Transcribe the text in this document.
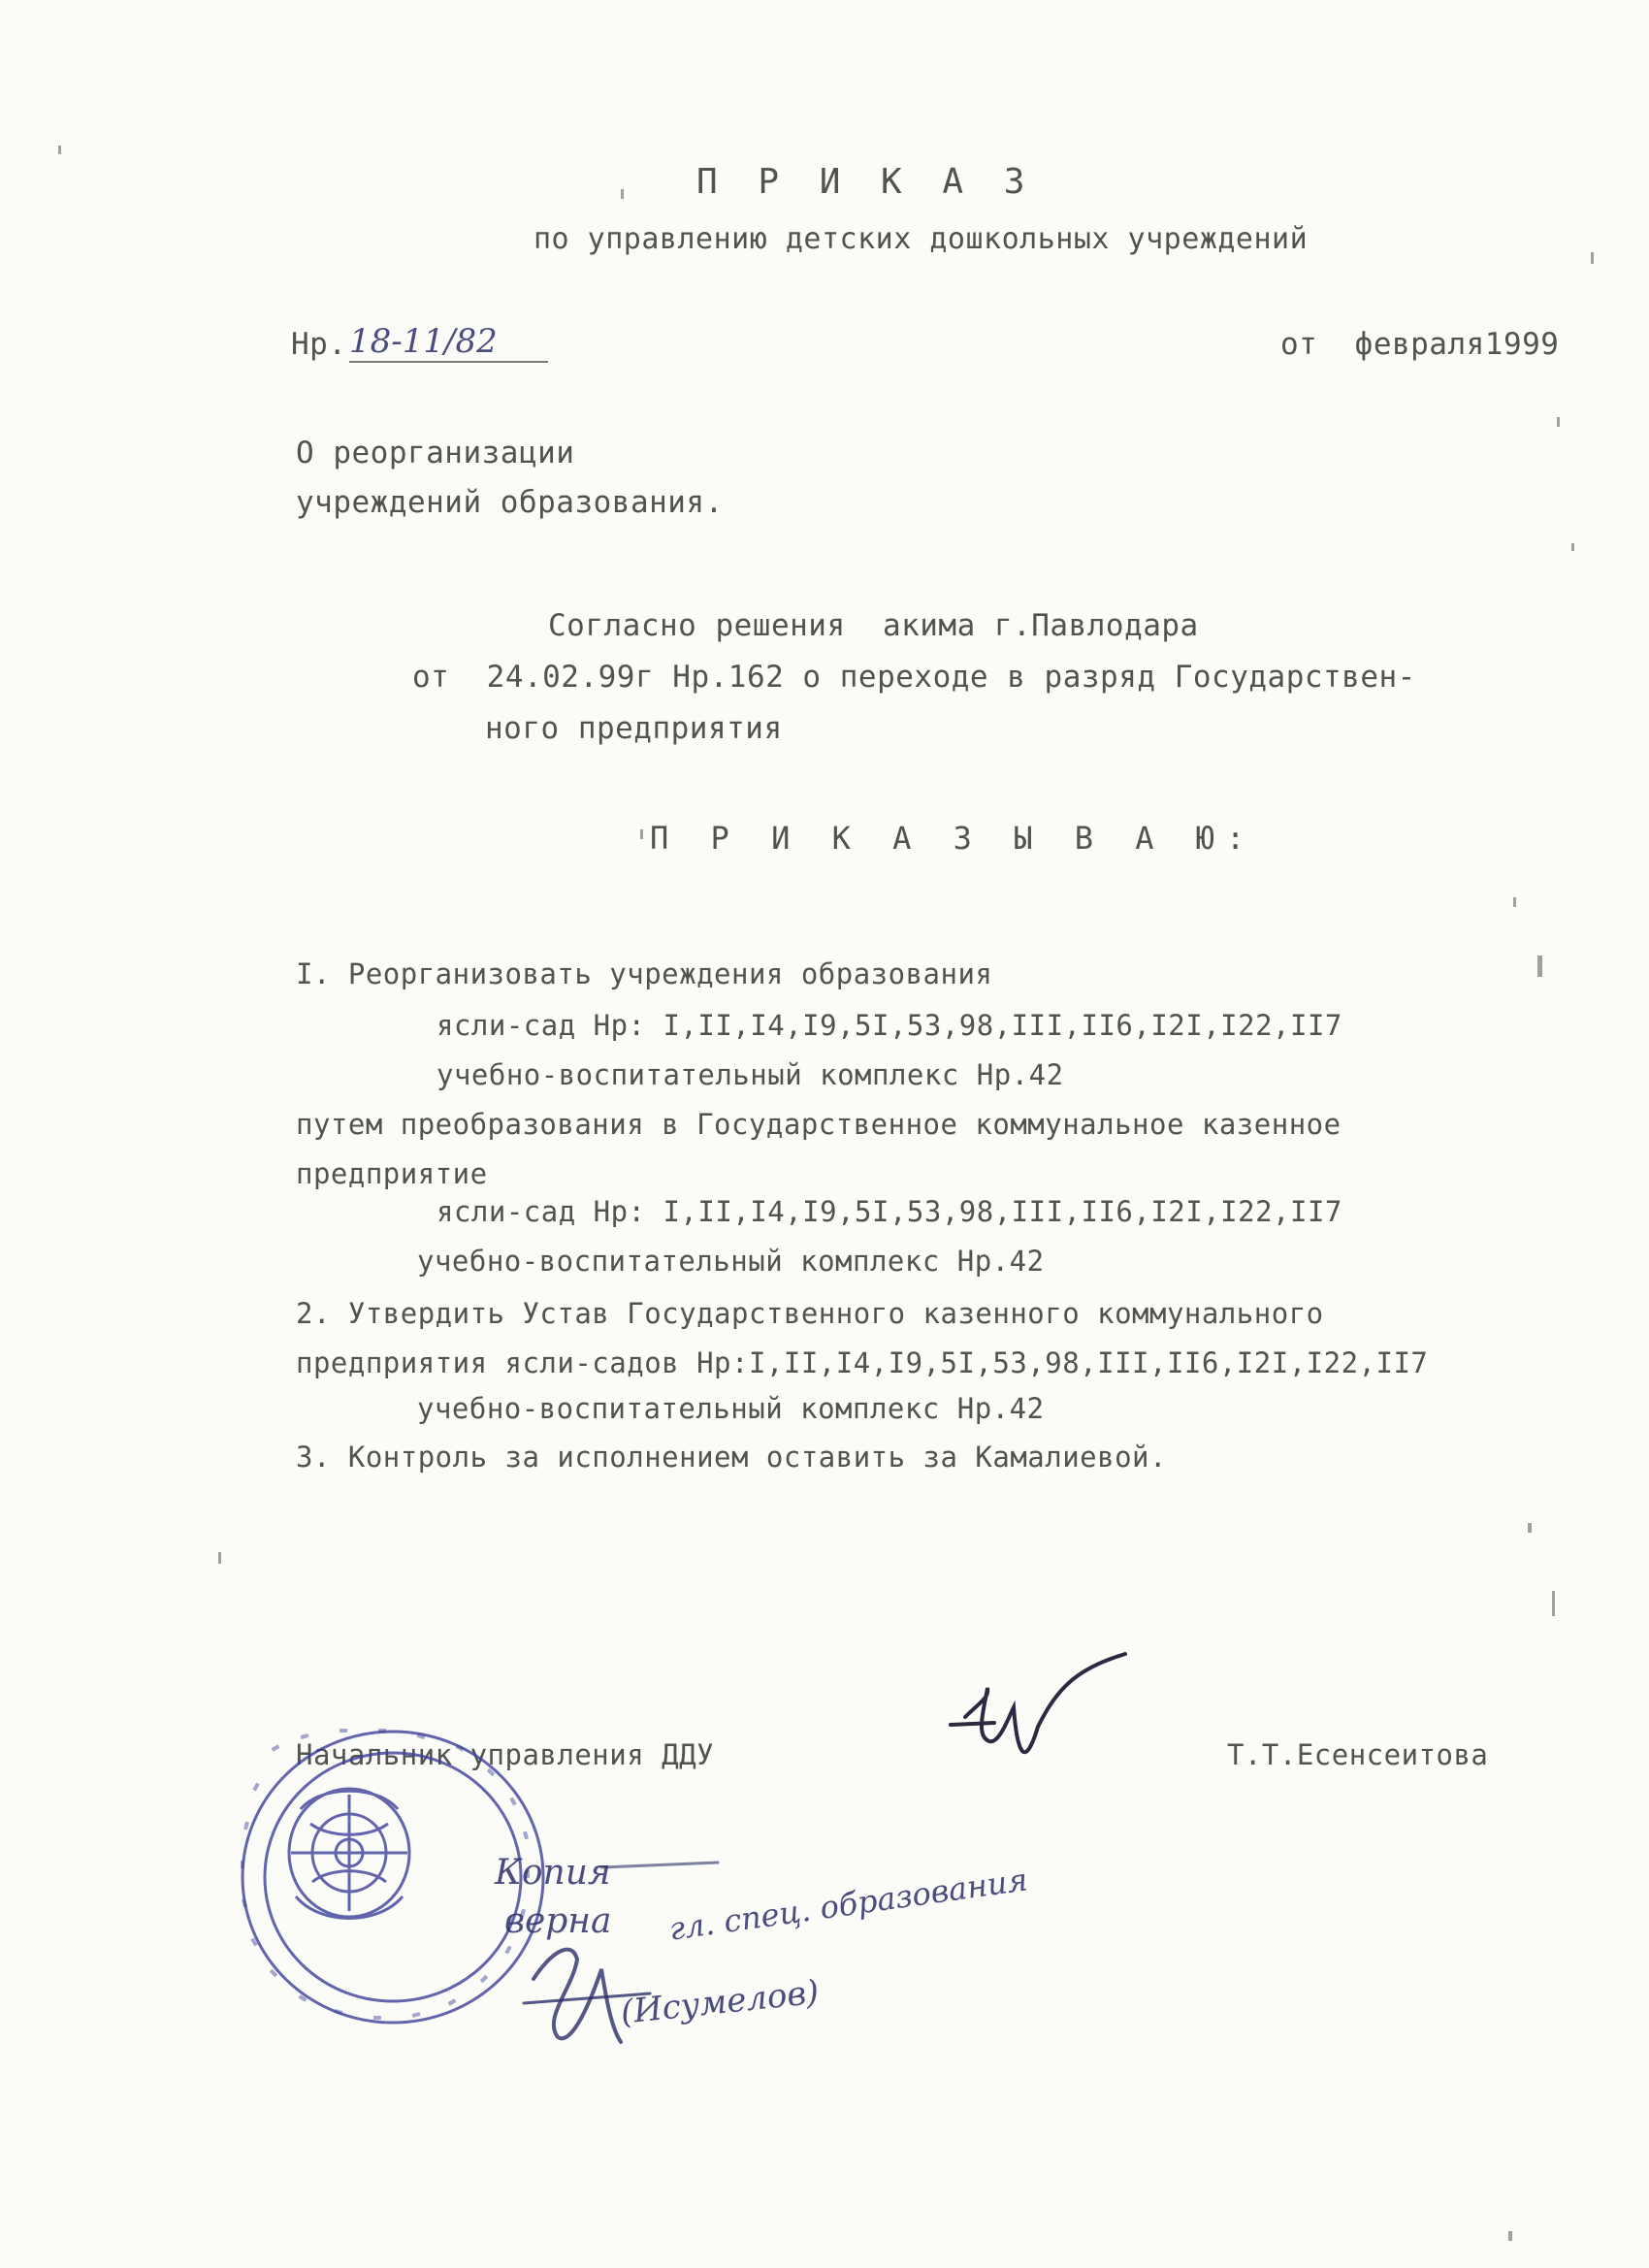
П Р И К А З
по управлению детских дошкольных учреждений
Нр. 18-11/82	от  февраля1999
О реорганизации
учреждений образования.
Согласно решения  акима г.Павлодара
от  24.02.99г Нр.162 о переходе в разряд Государствен-
ного предприятия
П Р И К А З Ы В А Ю:
I. Реорганизовать учреждения образования
ясли-сад Нр: I,II,I4,I9,5I,53,98,III,II6,I2I,I22,II7
учебно-воспитательный комплекс Нр.42
путем преобразования в Государственное коммунальное казенное
предприятие
ясли-сад Нр: I,II,I4,I9,5I,53,98,III,II6,I2I,I22,II7
учебно-воспитательный комплекс Нр.42
2. Утвердить Устав Государственного казенного коммунального
предприятия ясли-садов Нр:I,II,I4,I9,5I,53,98,III,II6,I2I,I22,II7
учебно-воспитательный комплекс Нр.42
3. Контроль за исполнением оставить за Камалиевой.
Начальник управления ДДУ	Т.Т.Есенсеитова
Копия
верна гл. спец. образования
(Исумелов)
